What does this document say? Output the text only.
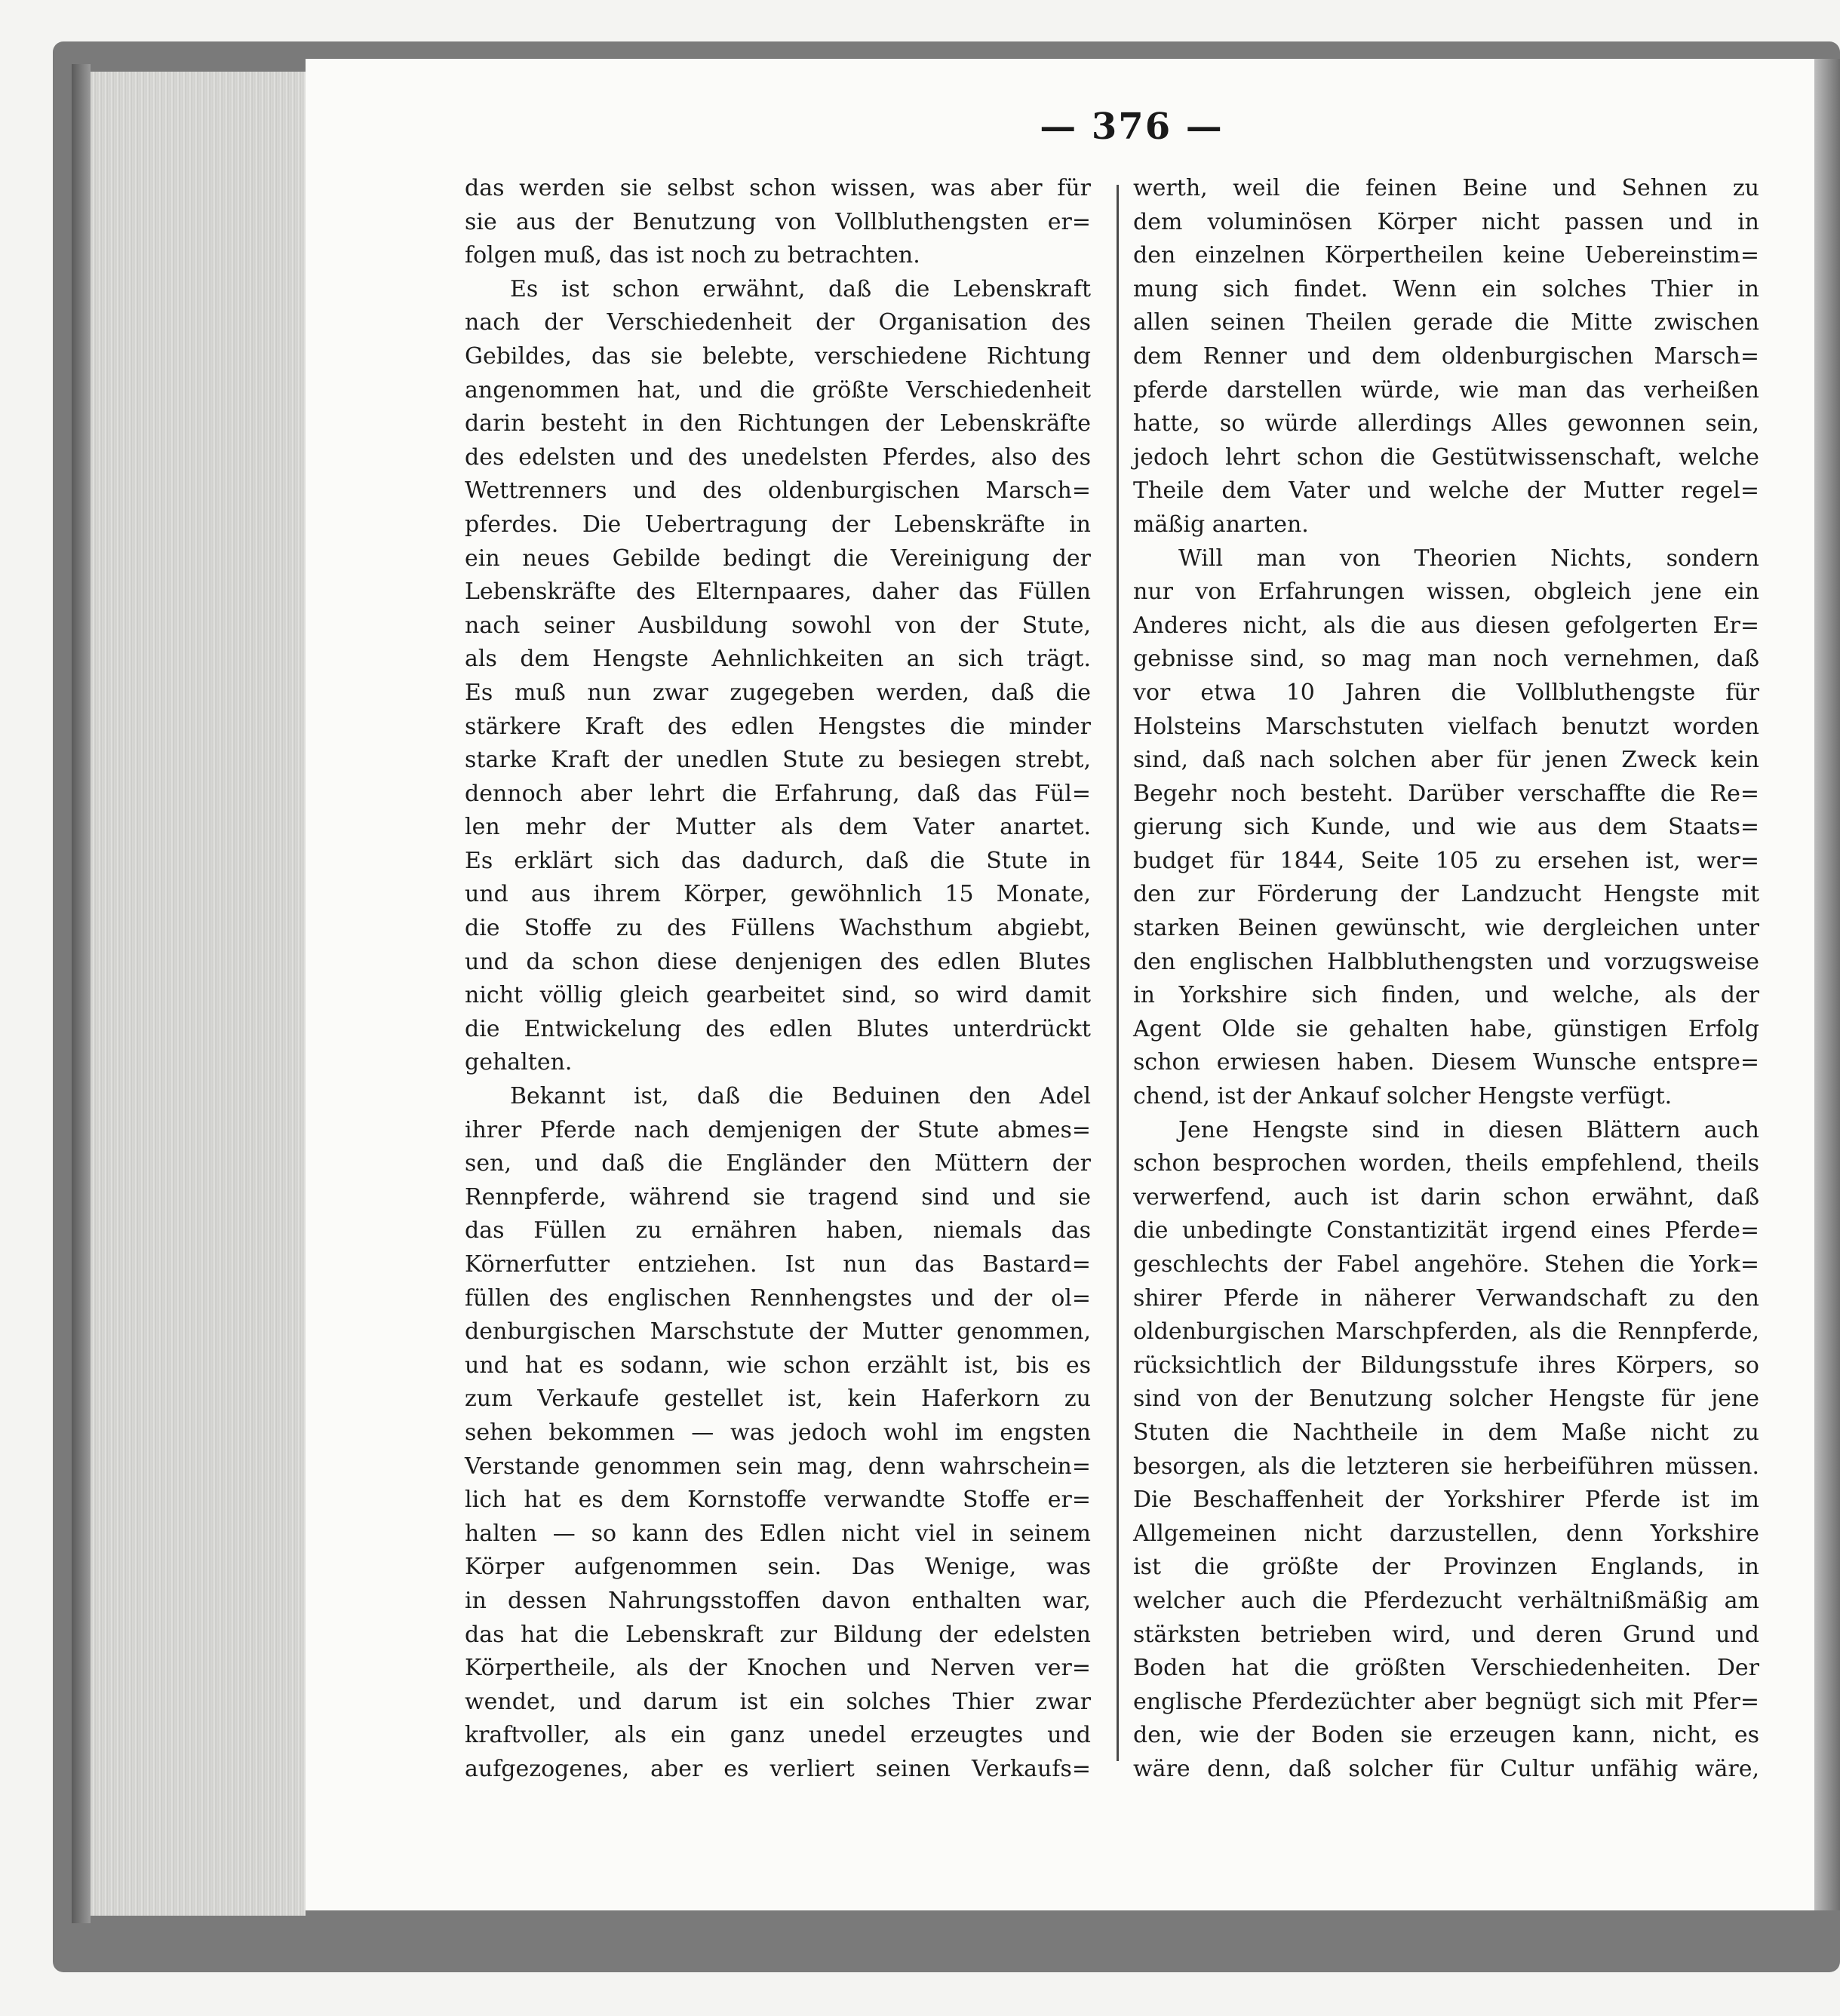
— 376 —
das werden sie selbst schon wissen, was aber für
sie aus der Benutzung von Vollbluthengsten er=
folgen muß, das ist noch zu betrachten.
Es ist schon erwähnt, daß die Lebenskraft
nach der Verschiedenheit der Organisation des
Gebildes, das sie belebte, verschiedene Richtung
angenommen hat, und die größte Verschiedenheit
darin besteht in den Richtungen der Lebenskräfte
des edelsten und des unedelsten Pferdes, also des
Wettrenners und des oldenburgischen Marsch=
pferdes. Die Uebertragung der Lebenskräfte in
ein neues Gebilde bedingt die Vereinigung der
Lebenskräfte des Elternpaares, daher das Füllen
nach seiner Ausbildung sowohl von der Stute,
als dem Hengste Aehnlichkeiten an sich trägt.
Es muß nun zwar zugegeben werden, daß die
stärkere Kraft des edlen Hengstes die minder
starke Kraft der unedlen Stute zu besiegen strebt,
dennoch aber lehrt die Erfahrung, daß das Fül=
len mehr der Mutter als dem Vater anartet.
Es erklärt sich das dadurch, daß die Stute in
und aus ihrem Körper, gewöhnlich 15 Monate,
die Stoffe zu des Füllens Wachsthum abgiebt,
und da schon diese denjenigen des edlen Blutes
nicht völlig gleich gearbeitet sind, so wird damit
die Entwickelung des edlen Blutes unterdrückt
gehalten.
Bekannt ist, daß die Beduinen den Adel
ihrer Pferde nach demjenigen der Stute abmes=
sen, und daß die Engländer den Müttern der
Rennpferde, während sie tragend sind und sie
das Füllen zu ernähren haben, niemals das
Körnerfutter entziehen. Ist nun das Bastard=
füllen des englischen Rennhengstes und der ol=
denburgischen Marschstute der Mutter genommen,
und hat es sodann, wie schon erzählt ist, bis es
zum Verkaufe gestellet ist, kein Haferkorn zu
sehen bekommen — was jedoch wohl im engsten
Verstande genommen sein mag, denn wahrschein=
lich hat es dem Kornstoffe verwandte Stoffe er=
halten — so kann des Edlen nicht viel in seinem
Körper aufgenommen sein. Das Wenige, was
in dessen Nahrungsstoffen davon enthalten war,
das hat die Lebenskraft zur Bildung der edelsten
Körpertheile, als der Knochen und Nerven ver=
wendet, und darum ist ein solches Thier zwar
kraftvoller, als ein ganz unedel erzeugtes und
aufgezogenes, aber es verliert seinen Verkaufs=
werth, weil die feinen Beine und Sehnen zu
dem voluminösen Körper nicht passen und in
den einzelnen Körpertheilen keine Uebereinstim=
mung sich findet. Wenn ein solches Thier in
allen seinen Theilen gerade die Mitte zwischen
dem Renner und dem oldenburgischen Marsch=
pferde darstellen würde, wie man das verheißen
hatte, so würde allerdings Alles gewonnen sein,
jedoch lehrt schon die Gestütwissenschaft, welche
Theile dem Vater und welche der Mutter regel=
mäßig anarten.
Will man von Theorien Nichts, sondern
nur von Erfahrungen wissen, obgleich jene ein
Anderes nicht, als die aus diesen gefolgerten Er=
gebnisse sind, so mag man noch vernehmen, daß
vor etwa 10 Jahren die Vollbluthengste für
Holsteins Marschstuten vielfach benutzt worden
sind, daß nach solchen aber für jenen Zweck kein
Begehr noch besteht. Darüber verschaffte die Re=
gierung sich Kunde, und wie aus dem Staats=
budget für 1844, Seite 105 zu ersehen ist, wer=
den zur Förderung der Landzucht Hengste mit
starken Beinen gewünscht, wie dergleichen unter
den englischen Halbbluthengsten und vorzugsweise
in Yorkshire sich finden, und welche, als der
Agent Olde sie gehalten habe, günstigen Erfolg
schon erwiesen haben. Diesem Wunsche entspre=
chend, ist der Ankauf solcher Hengste verfügt.
Jene Hengste sind in diesen Blättern auch
schon besprochen worden, theils empfehlend, theils
verwerfend, auch ist darin schon erwähnt, daß
die unbedingte Constantizität irgend eines Pferde=
geschlechts der Fabel angehöre. Stehen die York=
shirer Pferde in näherer Verwandschaft zu den
oldenburgischen Marschpferden, als die Rennpferde,
rücksichtlich der Bildungsstufe ihres Körpers, so
sind von der Benutzung solcher Hengste für jene
Stuten die Nachtheile in dem Maße nicht zu
besorgen, als die letzteren sie herbeiführen müssen.
Die Beschaffenheit der Yorkshirer Pferde ist im
Allgemeinen nicht darzustellen, denn Yorkshire
ist die größte der Provinzen Englands, in
welcher auch die Pferdezucht verhältnißmäßig am
stärksten betrieben wird, und deren Grund und
Boden hat die größten Verschiedenheiten. Der
englische Pferdezüchter aber begnügt sich mit Pfer=
den, wie der Boden sie erzeugen kann, nicht, es
wäre denn, daß solcher für Cultur unfähig wäre,
